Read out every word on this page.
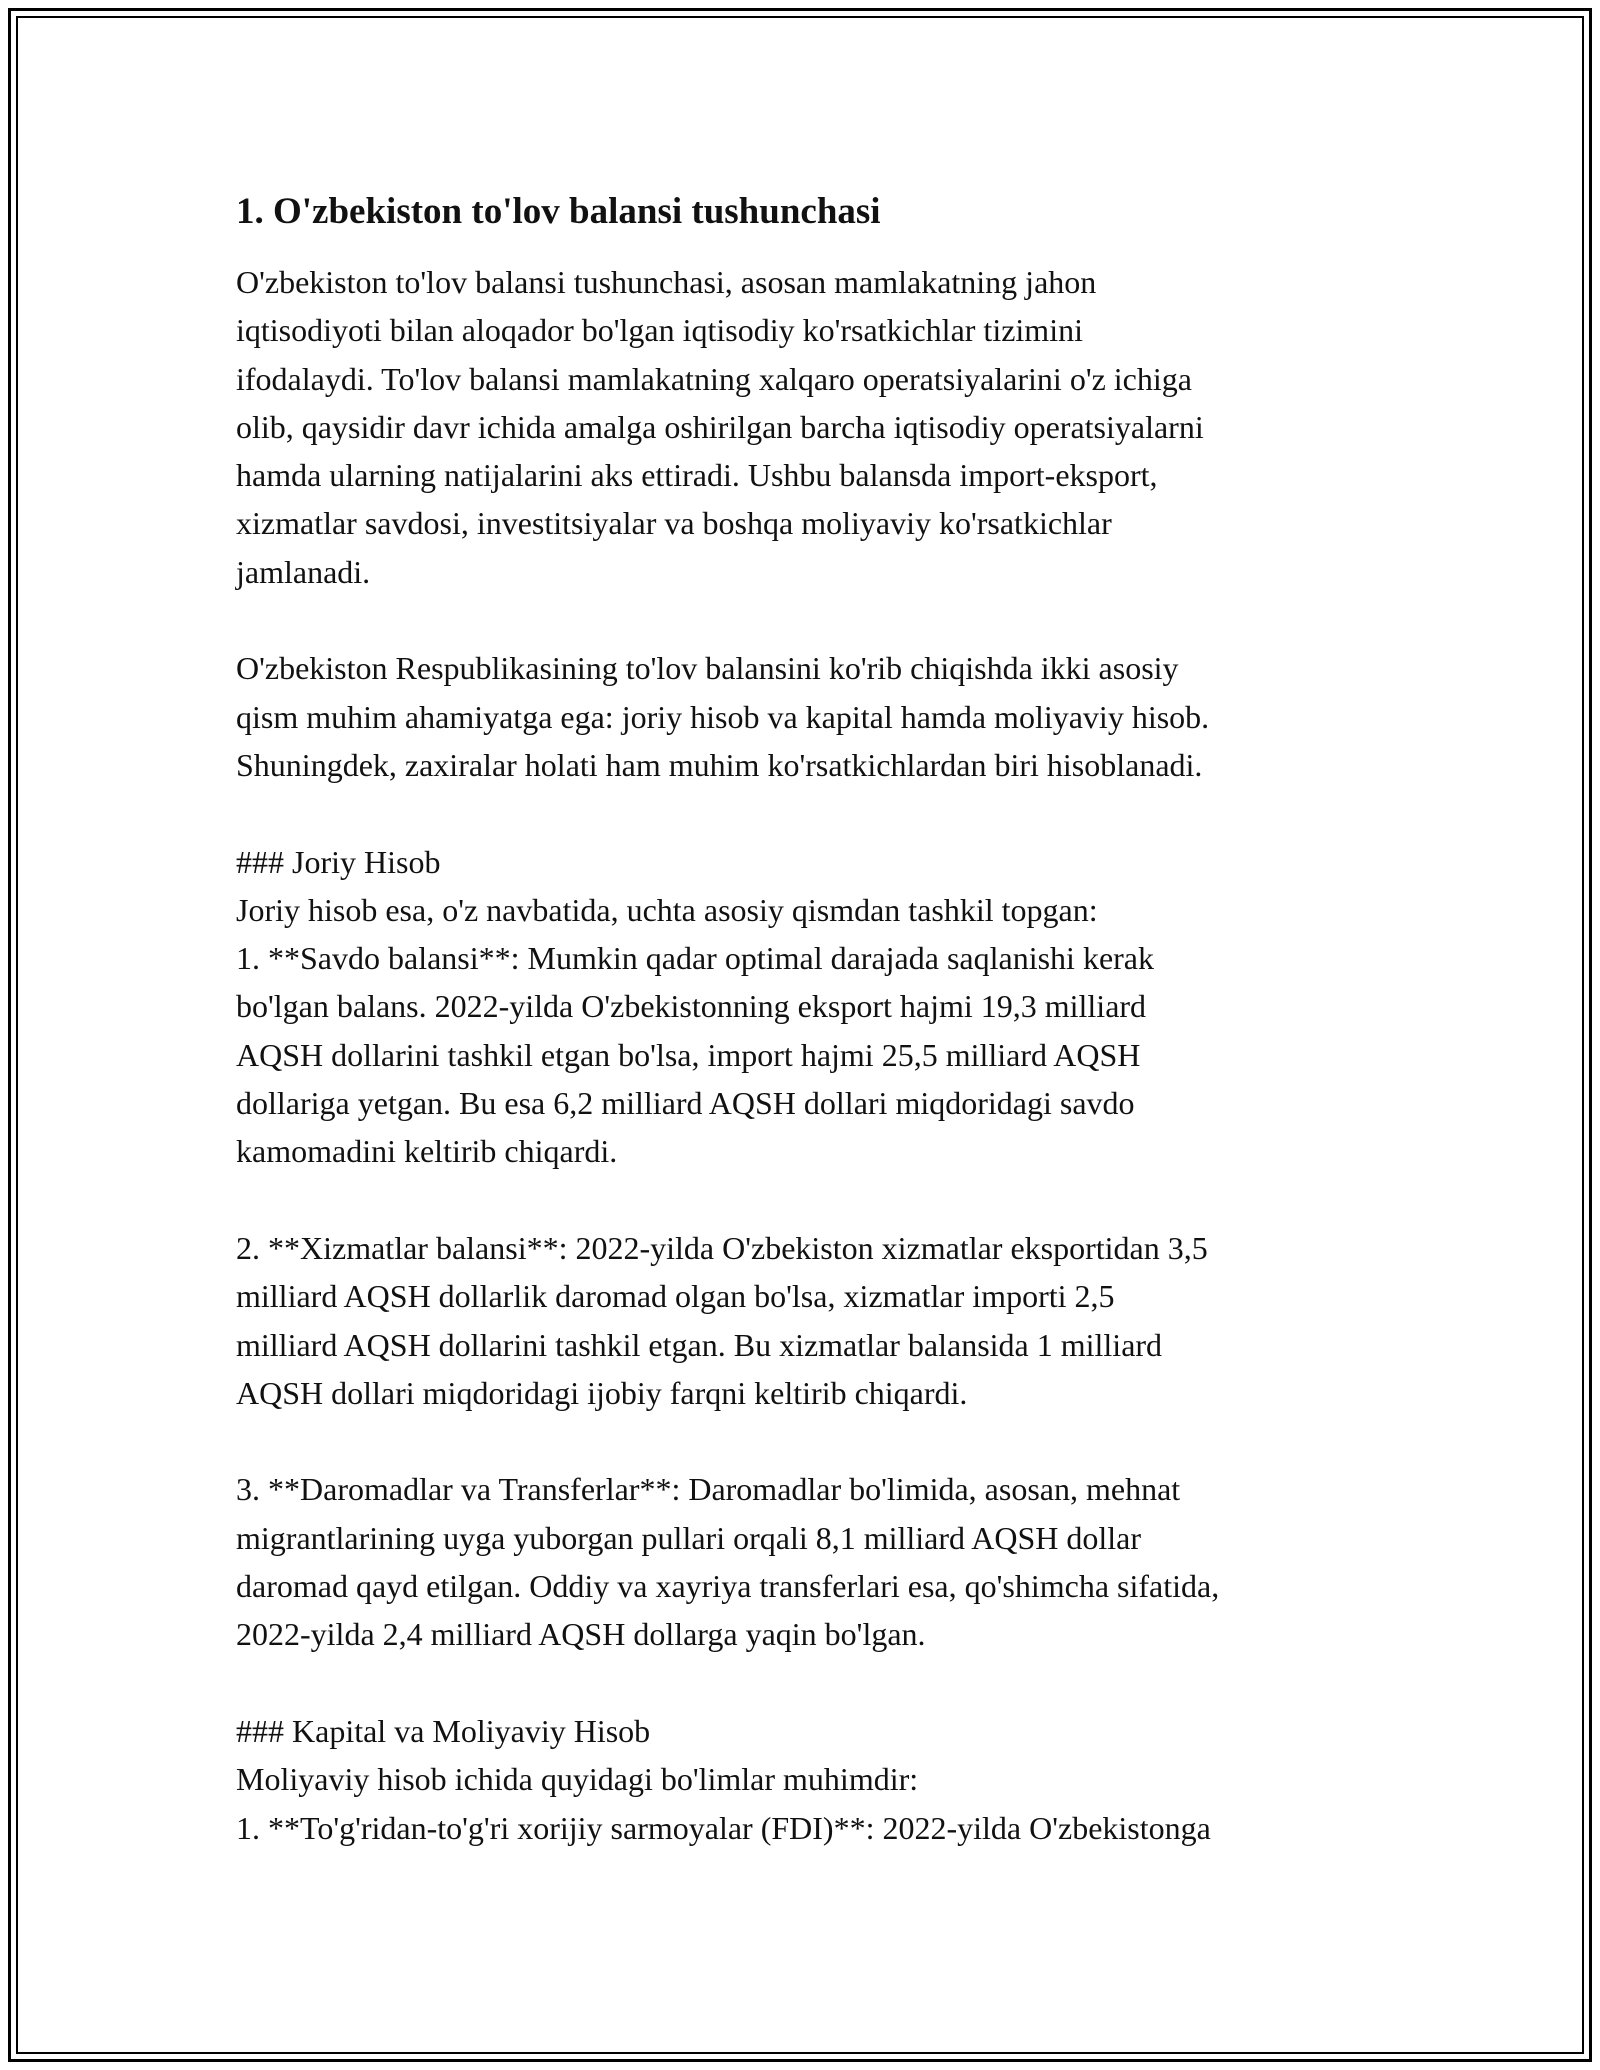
1. O'zbekiston to'lov balansi tushunchasi

O'zbekiston to'lov balansi tushunchasi, asosan mamlakatning jahon
iqtisodiyoti bilan aloqador bo'lgan iqtisodiy ko'rsatkichlar tizimini
ifodalaydi. To'lov balansi mamlakatning xalqaro operatsiyalarini o'z ichiga
olib, qaysidir davr ichida amalga oshirilgan barcha iqtisodiy operatsiyalarni
hamda ularning natijalarini aks ettiradi. Ushbu balansda import-eksport,
xizmatlar savdosi, investitsiyalar va boshqa moliyaviy ko'rsatkichlar
jamlanadi.

O'zbekiston Respublikasining to'lov balansini ko'rib chiqishda ikki asosiy
qism muhim ahamiyatga ega: joriy hisob va kapital hamda moliyaviy hisob.
Shuningdek, zaxiralar holati ham muhim ko'rsatkichlardan biri hisoblanadi.

### Joriy Hisob
Joriy hisob esa, o'z navbatida, uchta asosiy qismdan tashkil topgan:
1. **Savdo balansi**: Mumkin qadar optimal darajada saqlanishi kerak
bo'lgan balans. 2022-yilda O'zbekistonning eksport hajmi 19,3 milliard
AQSH dollarini tashkil etgan bo'lsa, import hajmi 25,5 milliard AQSH
dollariga yetgan. Bu esa 6,2 milliard AQSH dollari miqdoridagi savdo
kamomadini keltirib chiqardi.

2. **Xizmatlar balansi**: 2022-yilda O'zbekiston xizmatlar eksportidan 3,5
milliard AQSH dollarlik daromad olgan bo'lsa, xizmatlar importi 2,5
milliard AQSH dollarini tashkil etgan. Bu xizmatlar balansida 1 milliard
AQSH dollari miqdoridagi ijobiy farqni keltirib chiqardi.

3. **Daromadlar va Transferlar**: Daromadlar bo'limida, asosan, mehnat
migrantlarining uyga yuborgan pullari orqali 8,1 milliard AQSH dollar
daromad qayd etilgan. Oddiy va xayriya transferlari esa, qo'shimcha sifatida,
2022-yilda 2,4 milliard AQSH dollarga yaqin bo'lgan.

### Kapital va Moliyaviy Hisob
Moliyaviy hisob ichida quyidagi bo'limlar muhimdir:
1. **To'g'ridan-to'g'ri xorijiy sarmoyalar (FDI)**: 2022-yilda O'zbekistonga
